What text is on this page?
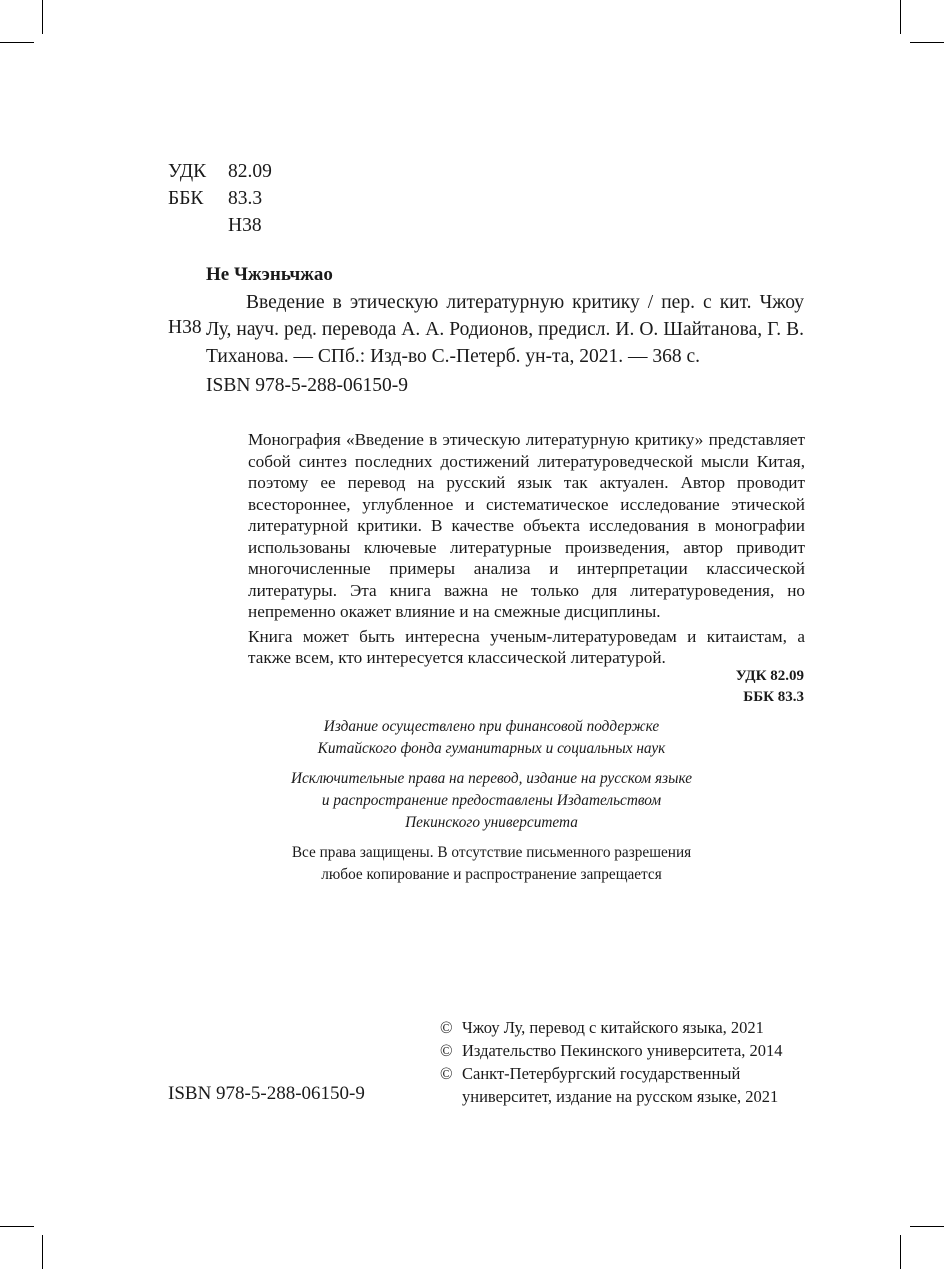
УДК	82.09
ББК	83.3
Н38
Не Чжэньчжао
Н38

Введение в этическую литературную критику / пер. с кит. Чжоу Лу, науч. ред. перевода А. А. Родионов, предисл. И. О. Шайтанова, Г. В. Тиханова. — СПб.: Изд-во С.-Петерб. ун-та, 2021. — 368 с.

ISBN 978-5-288-06150-9

Монография «Введение в этическую литературную критику» представляет собой синтез последних достижений литературоведческой мысли Китая, поэтому ее перевод на русский язык так актуален. Автор проводит всестороннее, углубленное и систематическое исследование этической литературной критики. В качестве объекта исследования в монографии использованы ключевые литературные произведения, автор приводит многочисленные примеры анализа и интерпретации классической литературы. Эта книга важна не только для литературоведения, но непременно окажет влияние и на смежные дисциплины.

Книга может быть интересна ученым-литературоведам и китаистам, а также всем, кто интересуется классической литературой.

УДК 82.09
ББК 83.3
Издание осуществлено при финансовой поддержке
Китайского фонда гуманитарных и социальных наук
Исключительные права на перевод, издание на русском языке
и распространение предоставлены Издательством
Пекинского университета
Все права защищены. В отсутствие письменного разрешения
любое копирование и распространение запрещается
© Чжоу Лу, перевод с китайского языка, 2021
© Издательство Пекинского университета, 2014
© Санкт-Петербургский государственный
университет, издание на русском языке, 2021
ISBN 978-5-288-06150-9
